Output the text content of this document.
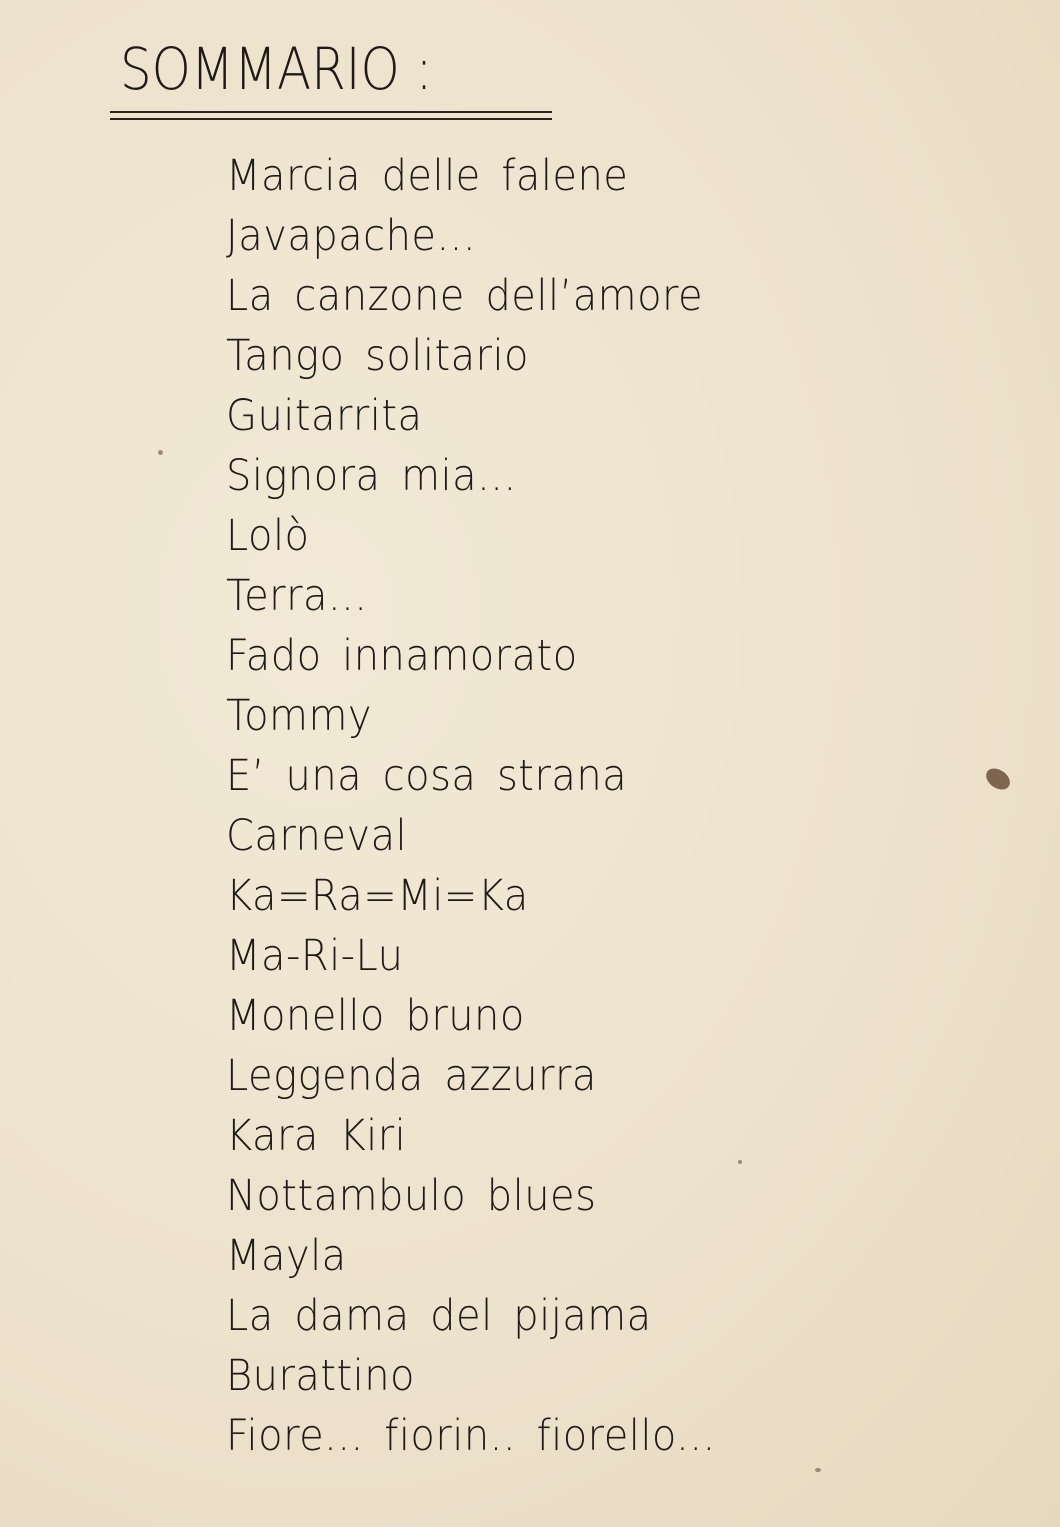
SOMMARIO :
Marcia delle falene
Javapache...
La canzone dell’amore
Tango solitario
Guitarrita
Signora mia...
Lolò
Terra...
Fado innamorato
Tommy
E’ una cosa strana
Carneval
Ka=Ra=Mi=Ka
Ma-Ri-Lu
Monello bruno
Leggenda azzurra
Kara Kiri
Nottambulo blues
Mayla
La dama del pijama
Burattino
Fiore... fiorin.. fiorello...
